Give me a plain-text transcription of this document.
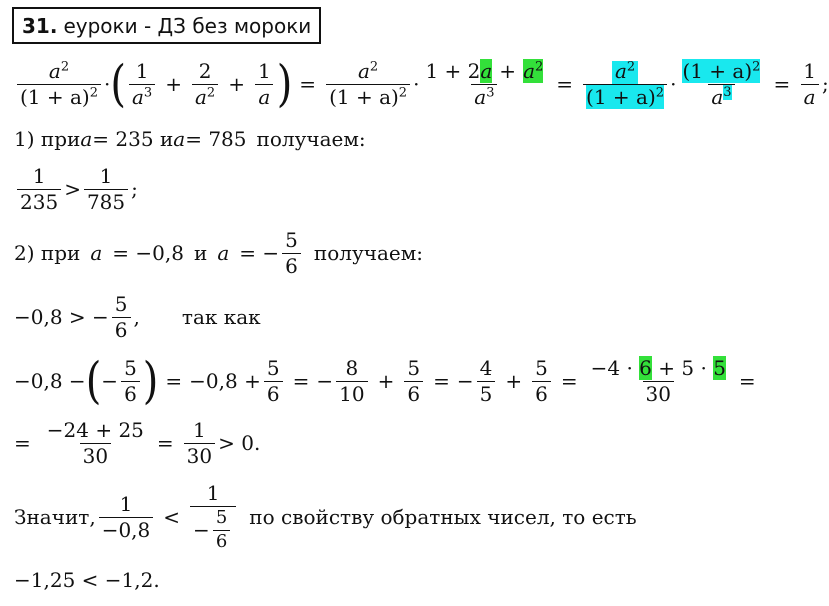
31. еуроки - ДЗ без мороки
$\frac{a^2}{(1 + a)^2}$ · ( $\frac{1}{a^3} + \frac{2}{a^2} + \frac{1}{a}$ ) = $\frac{a^2}{(1 + a)^2} \cdot \frac{1 + 2a + a^2}{a^3} = \frac{a^2}{(1 + a)^2} \cdot \frac{(1 + a)^2}{a^3} = \frac{1}{a}$ ;
1) при a = 235 и a = 785 получаем:
$\frac{1}{235} > \frac{1}{785}$ ;
2) при a = −0,8 и a = − $\frac{5}{6}$ получаем:
−0,8 > − $\frac{5}{6}$ , так как
−0,8 − ( − $\frac{5}{6}$ ) = $-0,8 + \frac{5}{6}$ = − $\frac{8}{10} + \frac{5}{6}$ = − $\frac{4}{5} + \frac{5}{6} = \frac{-4 \cdot 6 + 5 \cdot 5}{30}$ =
= $\frac{-24 + 25}{30} = \frac{1}{30} > 0$.
Значит, $\frac{1}{-0,8} < \frac{1}{- \frac{5}{6}}$ по свойству обратных чисел, то есть
−1,25 < −1,2.
